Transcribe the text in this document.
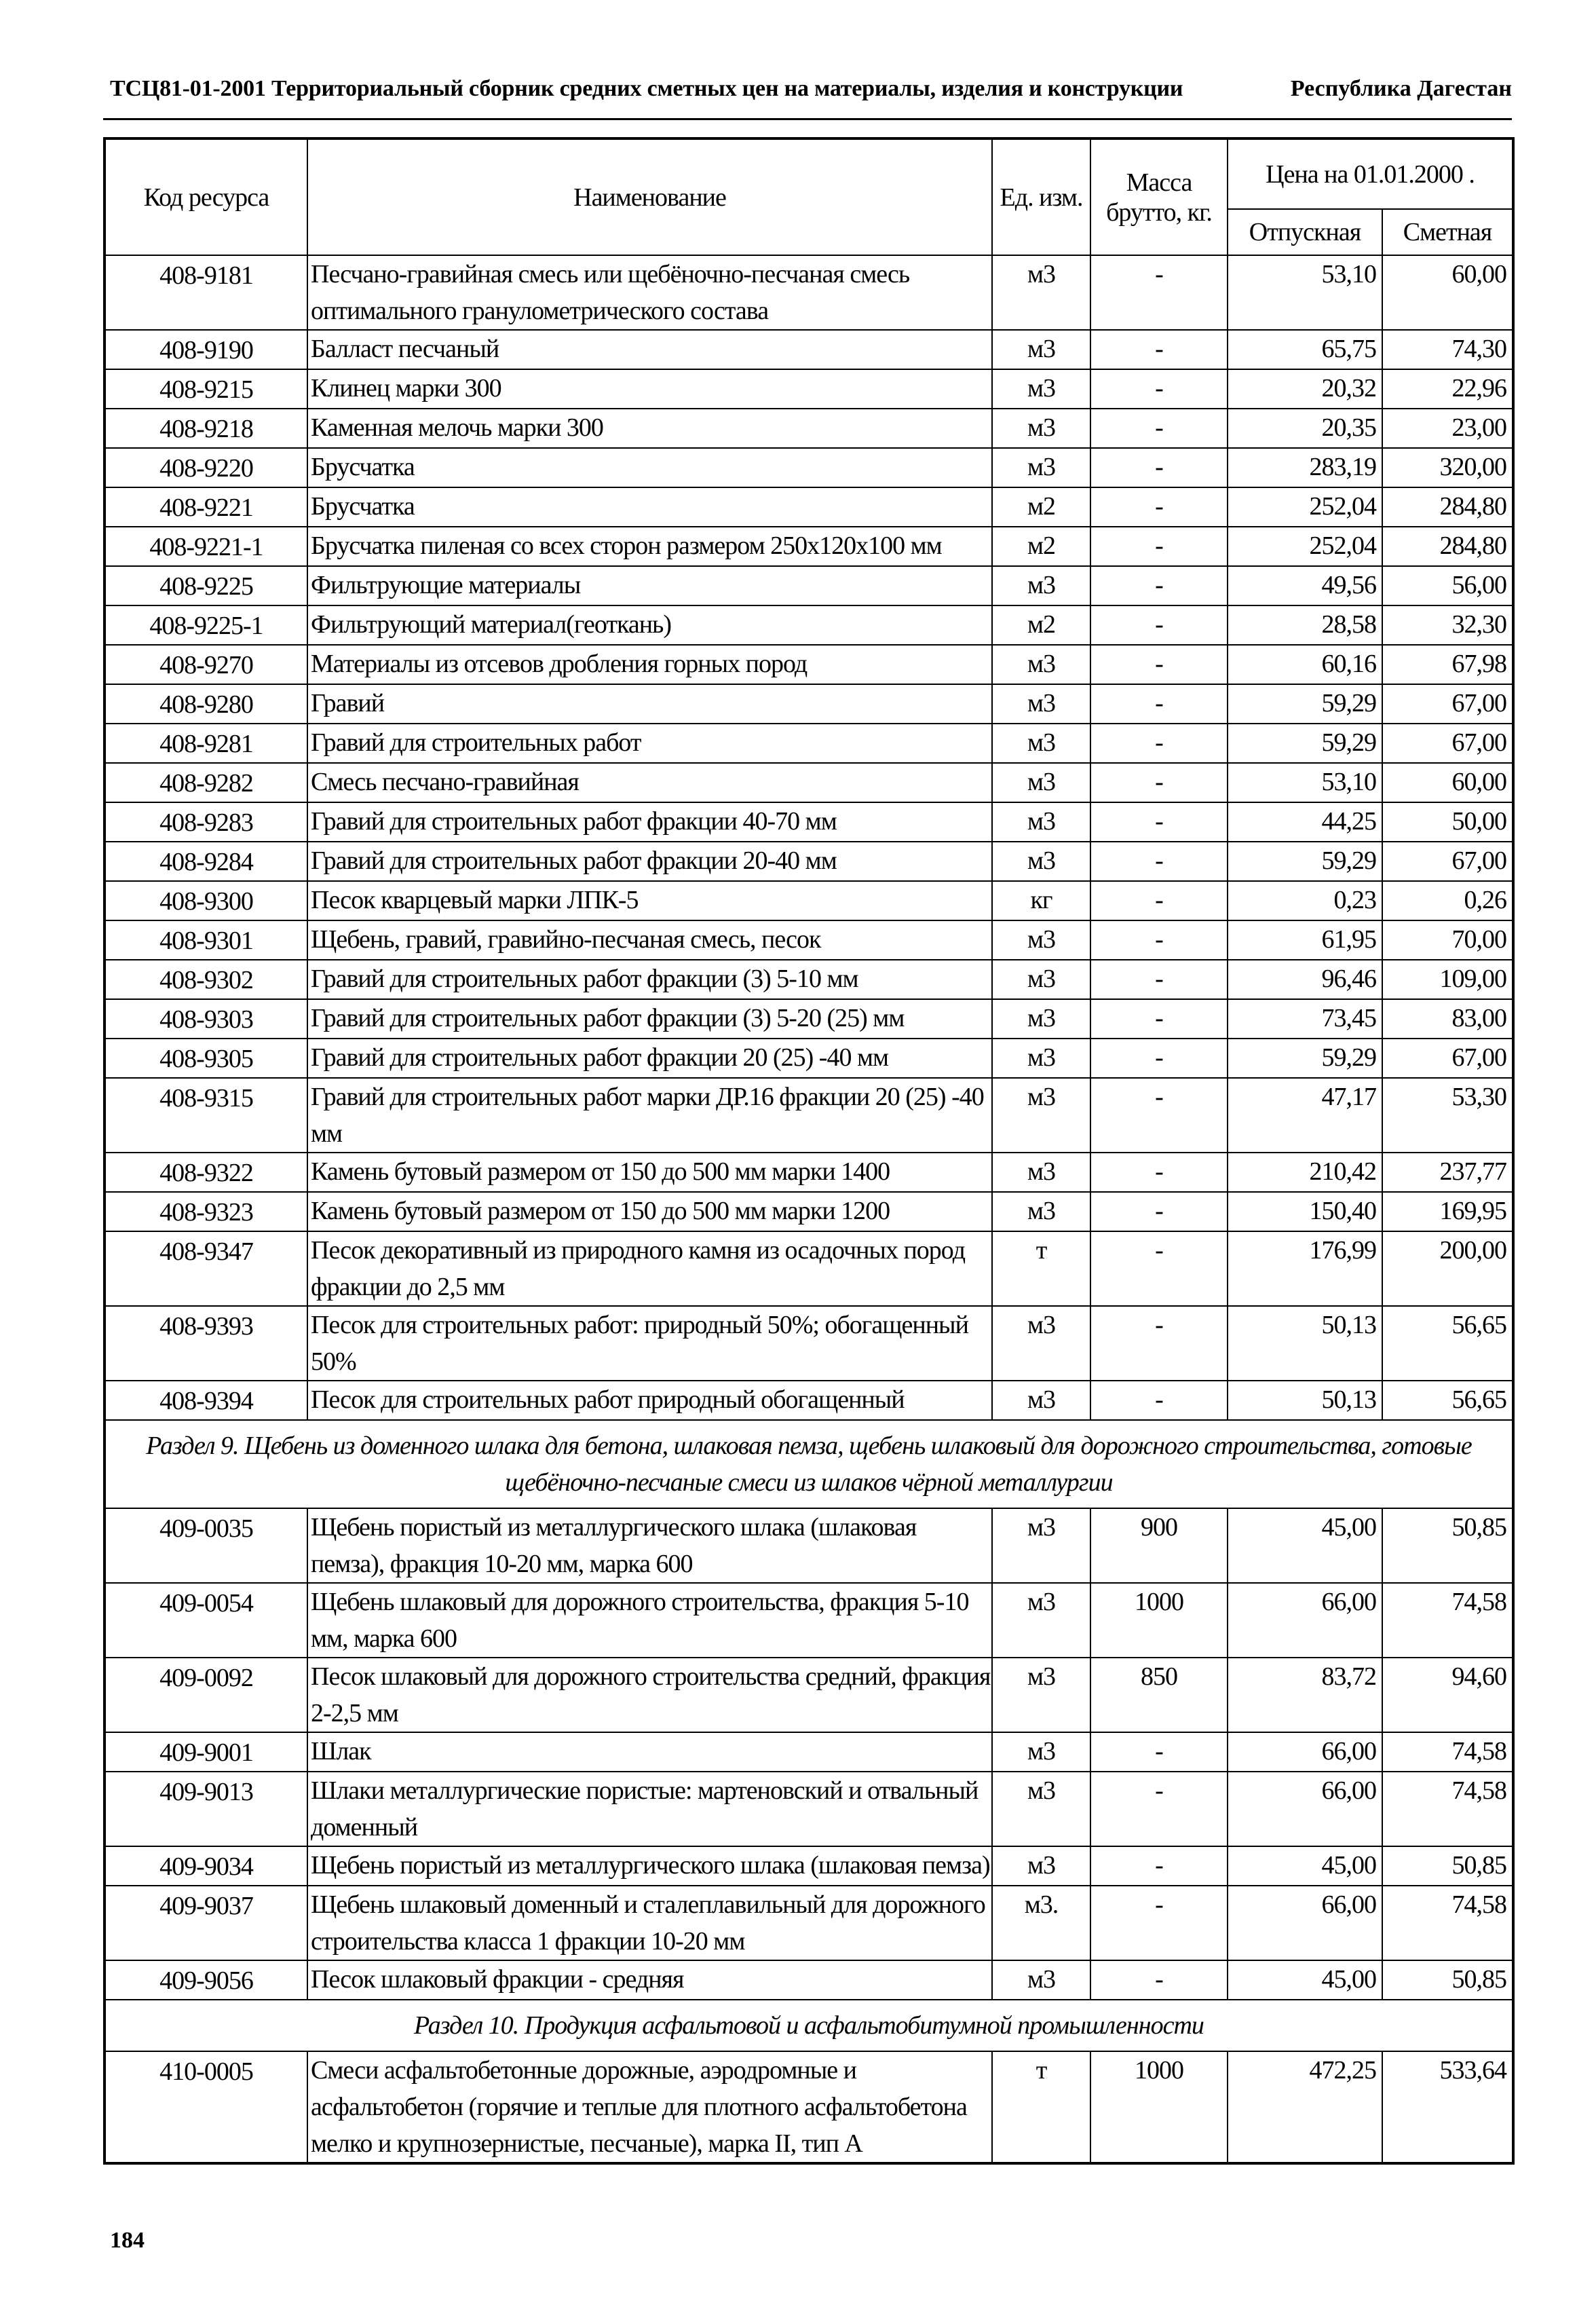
ТСЦ81-01-2001 Территориальный сборник средних сметных цен на материалы, изделия и конструкции	Республика Дагестан
Код ресурса	Наименование	Ед. изм.	Масса брутто, кг.	Цена на 01.01.2000 .	
				Отпускная	Сметная
408-9181	Песчано-гравийная смесь или щебёночно-песчаная смесь оптимального гранулометрического состава	м3	-	53,10	60,00
408-9190	Балласт песчаный	м3	-	65,75	74,30
408-9215	Клинец марки 300	м3	-	20,32	22,96
408-9218	Каменная мелочь марки 300	м3	-	20,35	23,00
408-9220	Брусчатка	м3	-	283,19	320,00
408-9221	Брусчатка	м2	-	252,04	284,80
408-9221-1	Брусчатка пиленая со всех сторон размером 250х120х100 мм	м2	-	252,04	284,80
408-9225	Фильтрующие материалы	м3	-	49,56	56,00
408-9225-1	Фильтрующий материал(геоткань)	м2	-	28,58	32,30
408-9270	Материалы из отсевов дробления горных пород	м3	-	60,16	67,98
408-9280	Гравий	м3	-	59,29	67,00
408-9281	Гравий для строительных работ	м3	-	59,29	67,00
408-9282	Смесь песчано-гравийная	м3	-	53,10	60,00
408-9283	Гравий для строительных работ фракции 40-70 мм	м3	-	44,25	50,00
408-9284	Гравий для строительных работ фракции 20-40 мм	м3	-	59,29	67,00
408-9300	Песок кварцевый марки ЛПК-5	кг	-	0,23	0,26
408-9301	Щебень, гравий, гравийно-песчаная смесь, песок	м3	-	61,95	70,00
408-9302	Гравий для строительных работ фракции (3) 5-10 мм	м3	-	96,46	109,00
408-9303	Гравий для строительных работ фракции (3) 5-20 (25) мм	м3	-	73,45	83,00
408-9305	Гравий для строительных работ фракции 20 (25) -40 мм	м3	-	59,29	67,00
408-9315	Гравий для строительных работ марки ДР.16 фракции 20 (25) -40 мм	м3	-	47,17	53,30
408-9322	Камень бутовый размером от 150 до 500 мм марки 1400	м3	-	210,42	237,77
408-9323	Камень бутовый размером от 150 до 500 мм марки 1200	м3	-	150,40	169,95
408-9347	Песок декоративный из природного камня из осадочных пород фракции до 2,5 мм	т	-	176,99	200,00
408-9393	Песок для строительных работ: природный 50%; обогащенный 50%	м3	-	50,13	56,65
408-9394	Песок для строительных работ природный обогащенный	м3	-	50,13	56,65
Раздел 9. Щебень из доменного шлака для бетона, шлаковая пемза, щебень шлаковый для дорожного строительства, готовые щебёночно-песчаные смеси из шлаков чёрной металлургии					
409-0035	Щебень пористый из металлургического шлака (шлаковая пемза), фракция 10-20 мм, марка 600	м3	900	45,00	50,85
409-0054	Щебень шлаковый для дорожного строительства, фракция 5-10 мм, марка 600	м3	1000	66,00	74,58
409-0092	Песок шлаковый для дорожного строительства средний, фракция 2-2,5 мм	м3	850	83,72	94,60
409-9001	Шлак	м3	-	66,00	74,58
409-9013	Шлаки металлургические пористые: мартеновский и отвальный доменный	м3	-	66,00	74,58
409-9034	Щебень пористый из металлургического шлака (шлаковая пемза)	м3	-	45,00	50,85
409-9037	Щебень шлаковый доменный и сталеплавильный для дорожного строительства класса 1 фракции 10-20 мм	м3.	-	66,00	74,58
409-9056	Песок шлаковый фракции - средняя	м3	-	45,00	50,85
Раздел 10. Продукция асфальтовой и асфальтобитумной промышленности					
410-0005	Смеси асфальтобетонные дорожные, аэродромные и асфальтобетон (горячие и теплые для плотного асфальтобетона мелко и крупнозернистые, песчаные), марка II, тип А	т	1000	472,25	533,64
184
